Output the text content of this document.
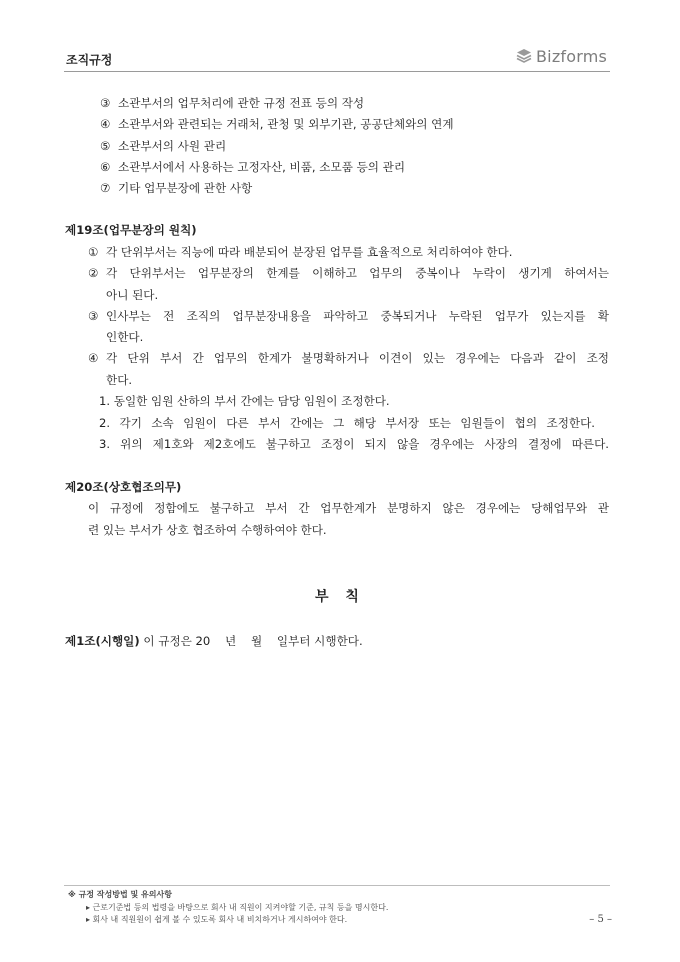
조직규정	Bizforms
③ 소관부서의 업무처리에 관한 규정 전표 등의 작성
④ 소관부서와 관련되는 거래처, 관청 및 외부기관, 공공단체와의 연계
⑤ 소관부서의 사원 관리
⑥ 소관부서에서 사용하는 고정자산, 비품, 소모품 등의 관리
⑦ 기타 업무분장에 관한 사항
제19조(업무분장의 원칙)
① 각 단위부서는 직능에 따라 배분되어 분장된 업무를 효율적으로 처리하여야 한다.
② 각 단위부서는 업무분장의 한계를 이해하고 업무의 중복이나 누락이 생기게 하여서는
아니 된다.
③ 인사부는 전 조직의 업무분장내용을 파악하고 중복되거나 누락된 업무가 있는지를 확
인한다.
④ 각 단위 부서 간 업무의 한계가 불명확하거나 이견이 있는 경우에는 다음과 같이 조정
한다.
1. 동일한 임원 산하의 부서 간에는 담당 임원이 조정한다.
2. 각기 소속 임원이 다른 부서 간에는 그 해당 부서장 또는 임원들이 협의 조정한다.
3. 위의 제1호와 제2호에도 불구하고 조정이 되지 않을 경우에는 사장의 결정에 따른다.
제20조(상호협조의무)
이 규정에 정함에도 불구하고 부서 간 업무한계가 분명하지 않은 경우에는 당해업무와 관
련 있는 부서가 상호 협조하여 수행하여야 한다.
부 칙
제1조(시행일) 이 규정은 20    년    월    일부터 시행한다.
※ 규정 작성방법 및 유의사항
▸ 근로기준법 등의 법령을 바탕으로 회사 내 직원이 지켜야할 기준, 규칙 등을 명시한다.
▸ 회사 내 직원원이 쉽게 볼 수 있도록 회사 내 비치하거나 게시하여야 한다.	– 5 –
